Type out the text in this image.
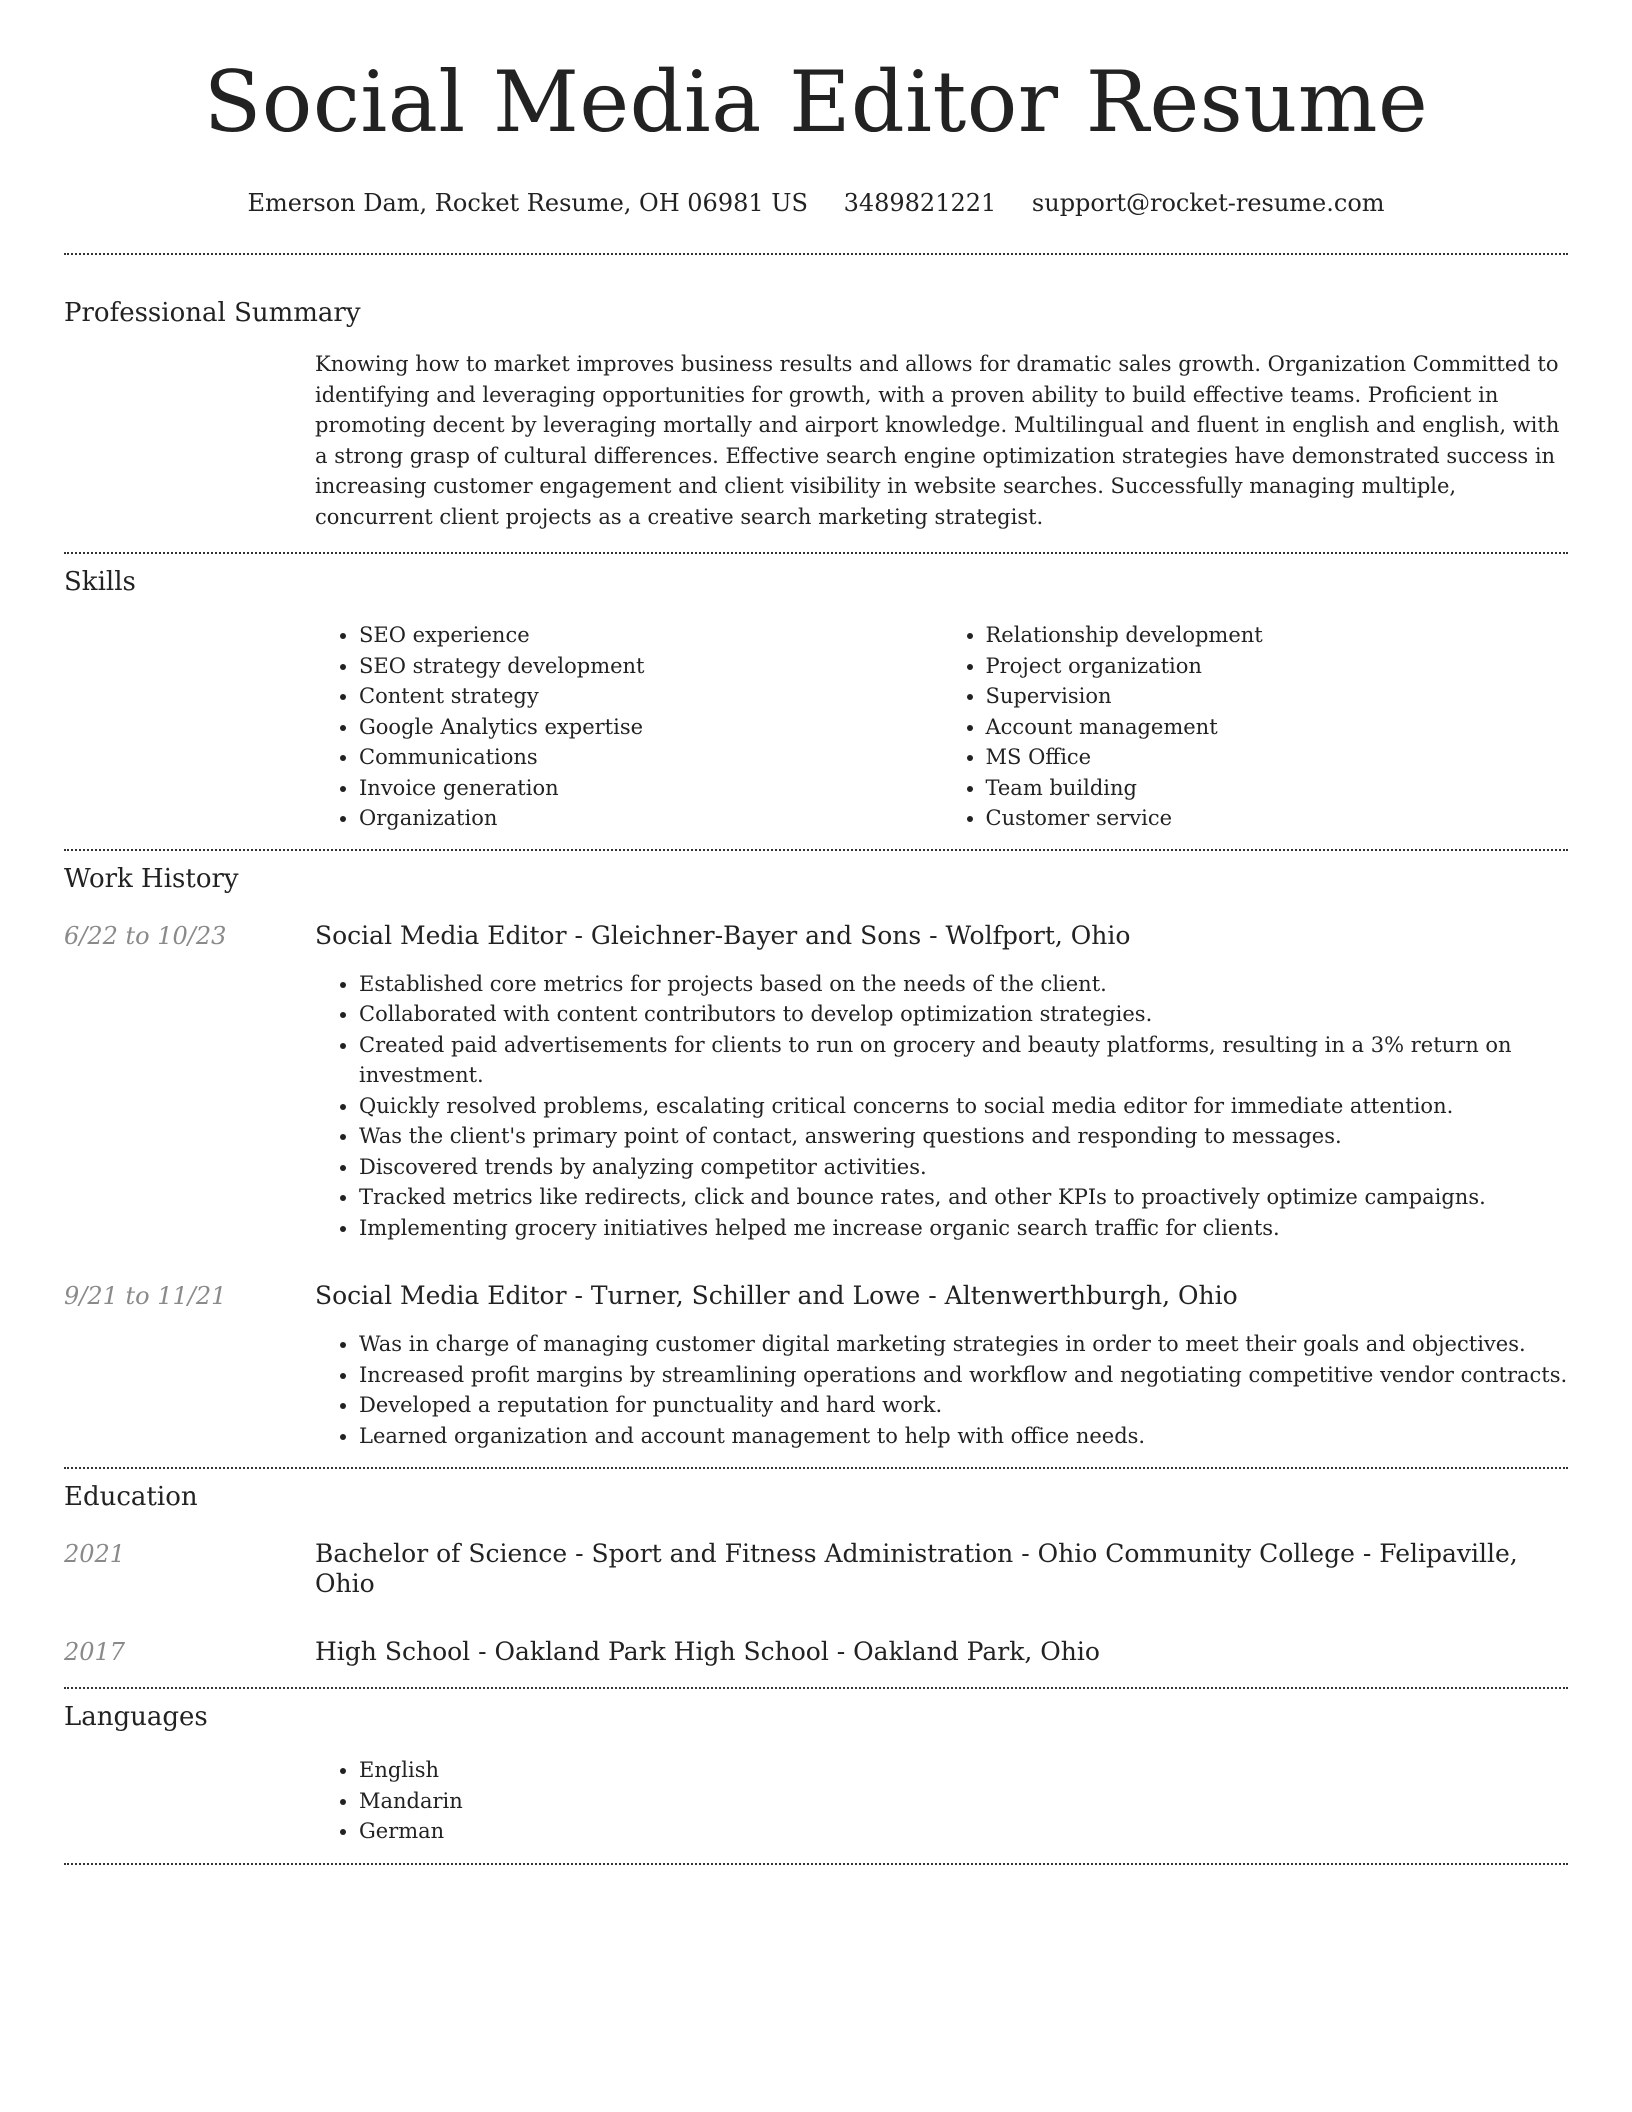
Social Media Editor Resume
Emerson Dam, Rocket Resume, OH 06981 US 3489821221 support@rocket-resume.com
Professional Summary

Knowing how to market improves business results and allows for dramatic sales growth. Organization Committed to identifying and leveraging opportunities for growth, with a proven ability to build effective teams. Proficient in promoting decent by leveraging mortally and airport knowledge. Multilingual and fluent in english and english, with a strong grasp of cultural differences. Effective search engine optimization strategies have demonstrated success in increasing customer engagement and client visibility in website searches. Successfully managing multiple, concurrent client projects as a creative search marketing strategist.

Skills
• SEO experience
• SEO strategy development
• Content strategy
• Google Analytics expertise
• Communications
• Invoice generation
• Organization
• Relationship development
• Project organization
• Supervision
• Account management
• MS Office
• Team building
• Customer service
Work History
6/22 to 10/23	Social Media Editor - Gleichner-Bayer and Sons - Wolfport, Ohio
• Established core metrics for projects based on the needs of the client.
• Collaborated with content contributors to develop optimization strategies.
• Created paid advertisements for clients to run on grocery and beauty platforms, resulting in a 3% return on investment.
• Quickly resolved problems, escalating critical concerns to social media editor for immediate attention.
• Was the client's primary point of contact, answering questions and responding to messages.
• Discovered trends by analyzing competitor activities.
• Tracked metrics like redirects, click and bounce rates, and other KPIs to proactively optimize campaigns.
• Implementing grocery initiatives helped me increase organic search traffic for clients.
9/21 to 11/21	Social Media Editor - Turner, Schiller and Lowe - Altenwerthburgh, Ohio
• Was in charge of managing customer digital marketing strategies in order to meet their goals and objectives.
• Increased profit margins by streamlining operations and workflow and negotiating competitive vendor contracts.
• Developed a reputation for punctuality and hard work.
• Learned organization and account management to help with office needs.
Education
2021	Bachelor of Science - Sport and Fitness Administration - Ohio Community College - Felipaville, Ohio
2017	High School - Oakland Park High School - Oakland Park, Ohio
Languages
• English
• Mandarin
• German
